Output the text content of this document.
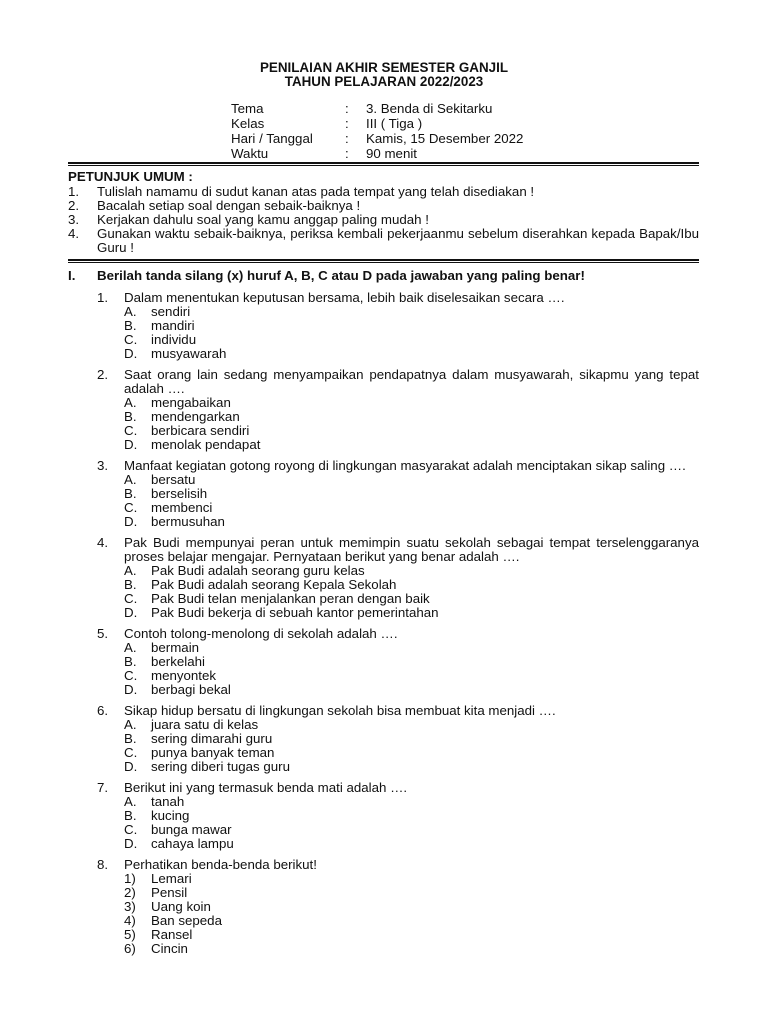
PENILAIAN AKHIR SEMESTER GANJIL
TAHUN PELAJARAN 2022/2023
Tema	: 3. Benda di Sekitarku
Kelas	: III ( Tiga )
Hari / Tanggal : Kamis, 15 Desember 2022
Waktu	: 90 menit
PETUNJUK UMUM :
1. Tulislah namamu di sudut kanan atas pada tempat yang telah disediakan !
2. Bacalah setiap soal dengan sebaik-baiknya !
3. Kerjakan dahulu soal yang kamu anggap paling mudah !
4. Gunakan waktu sebaik-baiknya, periksa kembali pekerjaanmu sebelum diserahkan kepada Bapak/Ibu Guru !
I. Berilah tanda silang (x) huruf A, B, C atau D pada jawaban yang paling benar!
1. Dalam menentukan keputusan bersama, lebih baik diselesaikan secara ….
A. sendiri
B. mandiri
C. individu
D. musyawarah
2. Saat orang lain sedang menyampaikan pendapatnya dalam musyawarah, sikapmu yang tepat adalah ….
A. mengabaikan
B. mendengarkan
C. berbicara sendiri
D. menolak pendapat
3. Manfaat kegiatan gotong royong di lingkungan masyarakat adalah menciptakan sikap saling ….
A. bersatu
B. berselisih
C. membenci
D. bermusuhan
4. Pak Budi mempunyai peran untuk memimpin suatu sekolah sebagai tempat terselenggaranya proses belajar mengajar. Pernyataan berikut yang benar adalah ….
A. Pak Budi adalah seorang guru kelas
B. Pak Budi adalah seorang Kepala Sekolah
C. Pak Budi telan menjalankan peran dengan baik
D. Pak Budi bekerja di sebuah kantor pemerintahan
5. Contoh tolong-menolong di sekolah adalah ….
A. bermain
B. berkelahi
C. menyontek
D. berbagi bekal
6. Sikap hidup bersatu di lingkungan sekolah bisa membuat kita menjadi ….
A. juara satu di kelas
B. sering dimarahi guru
C. punya banyak teman
D. sering diberi tugas guru
7. Berikut ini yang termasuk benda mati adalah ….
A. tanah
B. kucing
C. bunga mawar
D. cahaya lampu
8. Perhatikan benda-benda berikut!
1) Lemari
2) Pensil
3) Uang koin
4) Ban sepeda
5) Ransel
6) Cincin
